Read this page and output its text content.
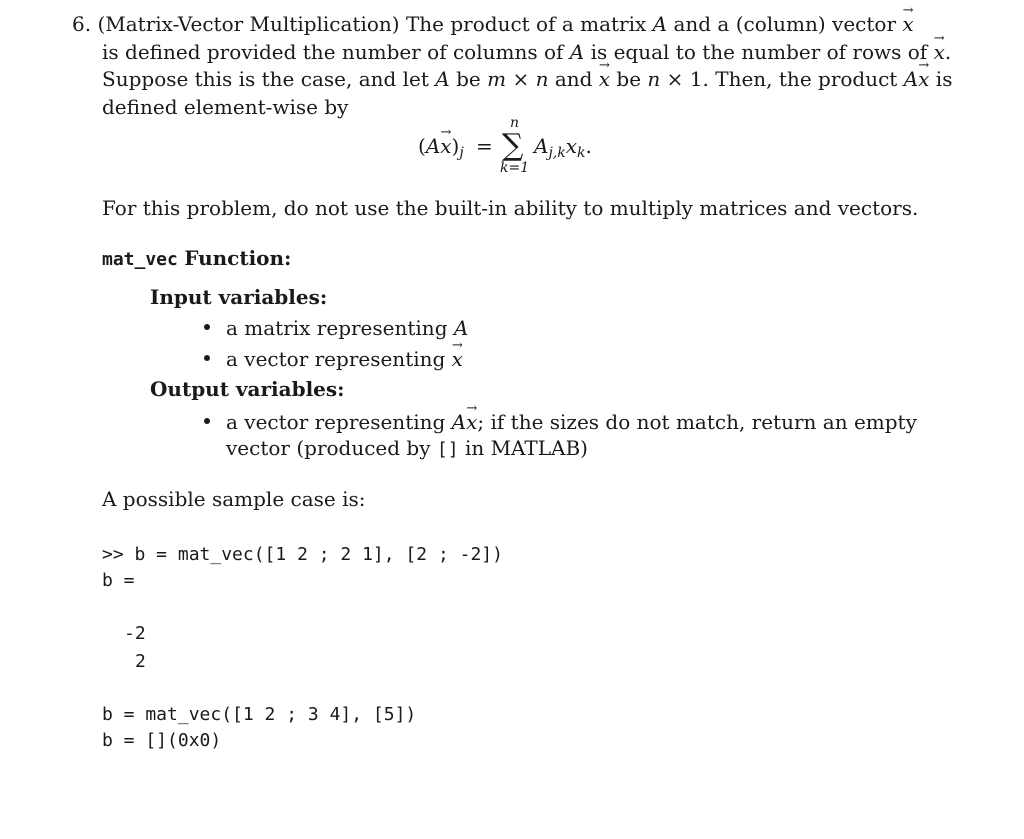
6. (Matrix-Vector Multiplication) The product of a matrix A and a (column) vector → x
is defined provided the number of columns of A is equal to the number of rows of → x.
Suppose this is the case, and let A be m × n and → x be n × 1. Then, the product A→ x is
defined element-wise by
$(A\to x)_j$ =
n
∑
k=1
$A_{j,k}x_k$.
For this problem, do not use the built-in ability to multiply matrices and vectors.
mat_vec Function:
Input variables:
a matrix representing A
a vector representing → x
Output variables:
a vector representing A→ x; if the sizes do not match, return an empty
vector (produced by [] in MATLAB)
A possible sample case is:
>> b = mat_vec([1 2 ; 2 1], [2 ; -2])
b =
-2
2
b = mat_vec([1 2 ; 3 4], [5])
b = [](0x0)
